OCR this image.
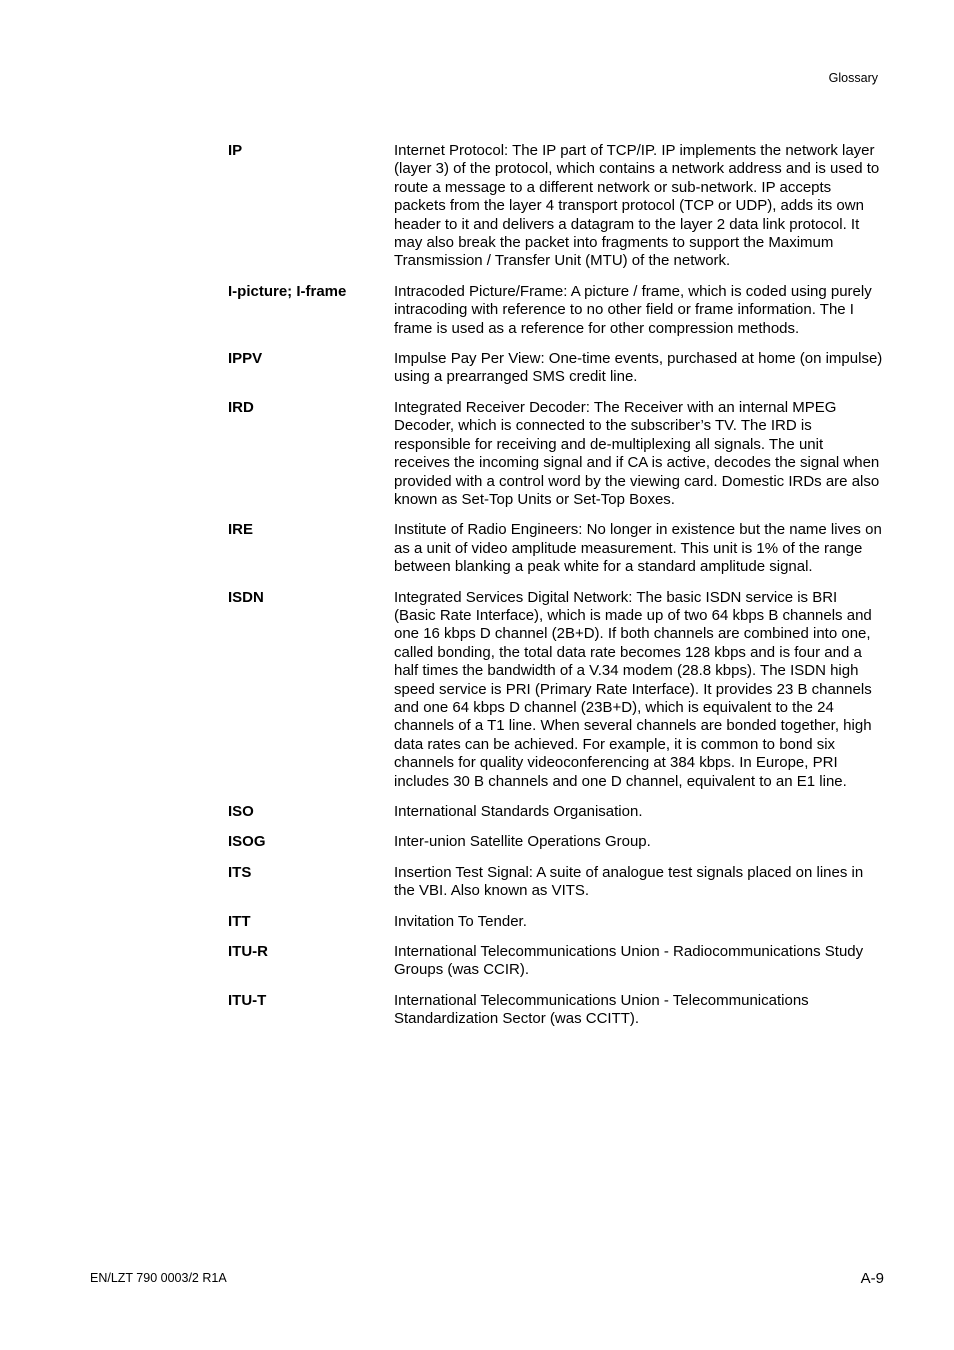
Glossary
IP	Internet Protocol: The IP part of TCP/IP. IP implements the network layer (layer 3) of the protocol, which contains a network address and is used to route a message to a different network or sub-network. IP accepts packets from the layer 4 transport protocol (TCP or UDP), adds its own header to it and delivers a datagram to the layer 2 data link protocol. It may also break the packet into fragments to support the Maximum Transmission / Transfer Unit (MTU) of the network.
I-picture; I-frame	Intracoded Picture/Frame: A picture / frame, which is coded using purely intracoding with reference to no other field or frame information. The I frame is used as a reference for other compression methods.
IPPV	Impulse Pay Per View: One-time events, purchased at home (on impulse) using a prearranged SMS credit line.
IRD	Integrated Receiver Decoder: The Receiver with an internal MPEG Decoder, which is connected to the subscriber’s TV. The IRD is responsible for receiving and de-multiplexing all signals. The unit receives the incoming signal and if CA is active, decodes the signal when provided with a control word by the viewing card. Domestic IRDs are also known as Set-Top Units or Set-Top Boxes.
IRE	Institute of Radio Engineers: No longer in existence but the name lives on as a unit of video amplitude measurement. This unit is 1% of the range between blanking a peak white for a standard amplitude signal.
ISDN	Integrated Services Digital Network: The basic ISDN service is BRI (Basic Rate Interface), which is made up of two 64 kbps B channels and one 16 kbps D channel (2B+D). If both channels are combined into one, called bonding, the total data rate becomes 128 kbps and is four and a half times the bandwidth of a V.34 modem (28.8 kbps). The ISDN high speed service is PRI (Primary Rate Interface). It provides 23 B channels and one 64 kbps D channel (23B+D), which is equivalent to the 24 channels of a T1 line. When several channels are bonded together, high data rates can be achieved. For example, it is common to bond six channels for quality videoconferencing at 384 kbps. In Europe, PRI includes 30 B channels and one D channel, equivalent to an E1 line.
ISO	International Standards Organisation.
ISOG	Inter-union Satellite Operations Group.
ITS	Insertion Test Signal: A suite of analogue test signals placed on lines in the VBI. Also known as VITS.
ITT	Invitation To Tender.
ITU-R	International Telecommunications Union - Radiocommunications Study Groups (was CCIR).
ITU-T	International Telecommunications Union - Telecommunications Standardization Sector (was CCITT).
EN/LZT 790 0003/2 R1A	A-9
